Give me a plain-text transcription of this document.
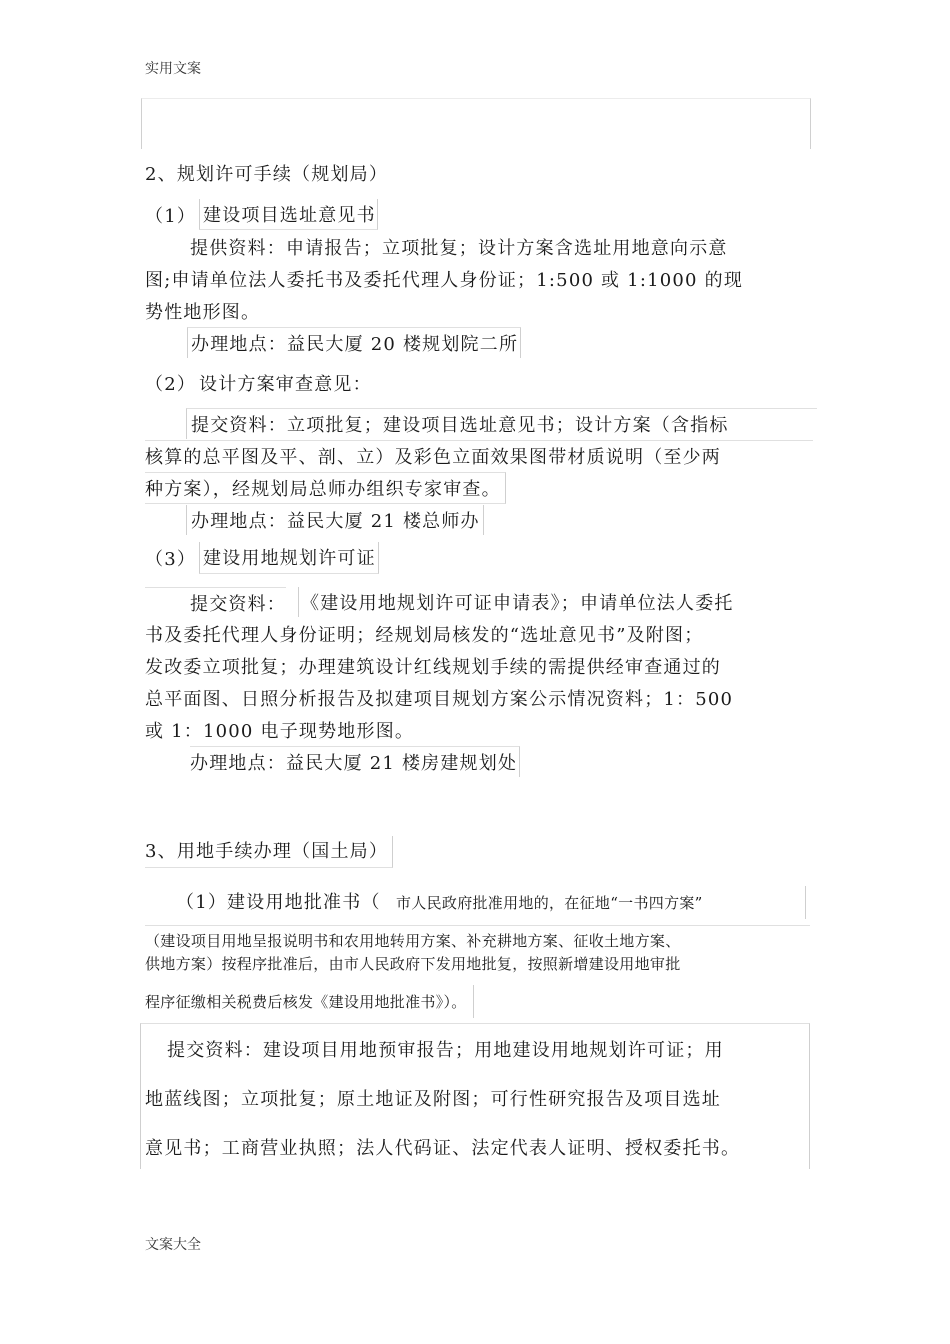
实用文案
2、规划许可手续（规划局）
（1） 建设项目选址意见书
提供资料：申请报告；立项批复；设计方案含选址用地意向示意
图;申请单位法人委托书及委托代理人身份证；1:500 或 1:1000 的现
势性地形图。
办理地点：益民大厦 20 楼规划院二所
（2） 设计方案审查意见：
提交资料：立项批复；建设项目选址意见书；设计方案（含指标
核算的总平图及平、剖、立）及彩色立面效果图带材质说明（至少两
种方案），经规划局总师办组织专家审查。
办理地点：益民大厦 21 楼总师办
（3） 建设用地规划许可证
提交资料： 《建设用地规划许可证申请表》；申请单位法人委托
书及委托代理人身份证明；经规划局核发的“选址意见书”及附图；
发改委立项批复；办理建筑设计红线规划手续的需提供经审查通过的
总平面图、日照分析报告及拟建项目规划方案公示情况资料；1：500
或 1：1000 电子现势地形图。
办理地点：益民大厦 21 楼房建规划处
3、用地手续办理（国土局）
（1）建设用地批准书（ 市人民政府批准用地的，在征地“一书四方案”
（建设项目用地呈报说明书和农用地转用方案、补充耕地方案、征收土地方案、
供地方案）按程序批准后，由市人民政府下发用地批复，按照新增建设用地审批
程序征缴相关税费后核发《建设用地批准书》）。
提交资料：建设项目用地预审报告；用地建设用地规划许可证；用
地蓝线图；立项批复；原土地证及附图；可行性研究报告及项目选址
意见书；工商营业执照；法人代码证、法定代表人证明、授权委托书。
文案大全
